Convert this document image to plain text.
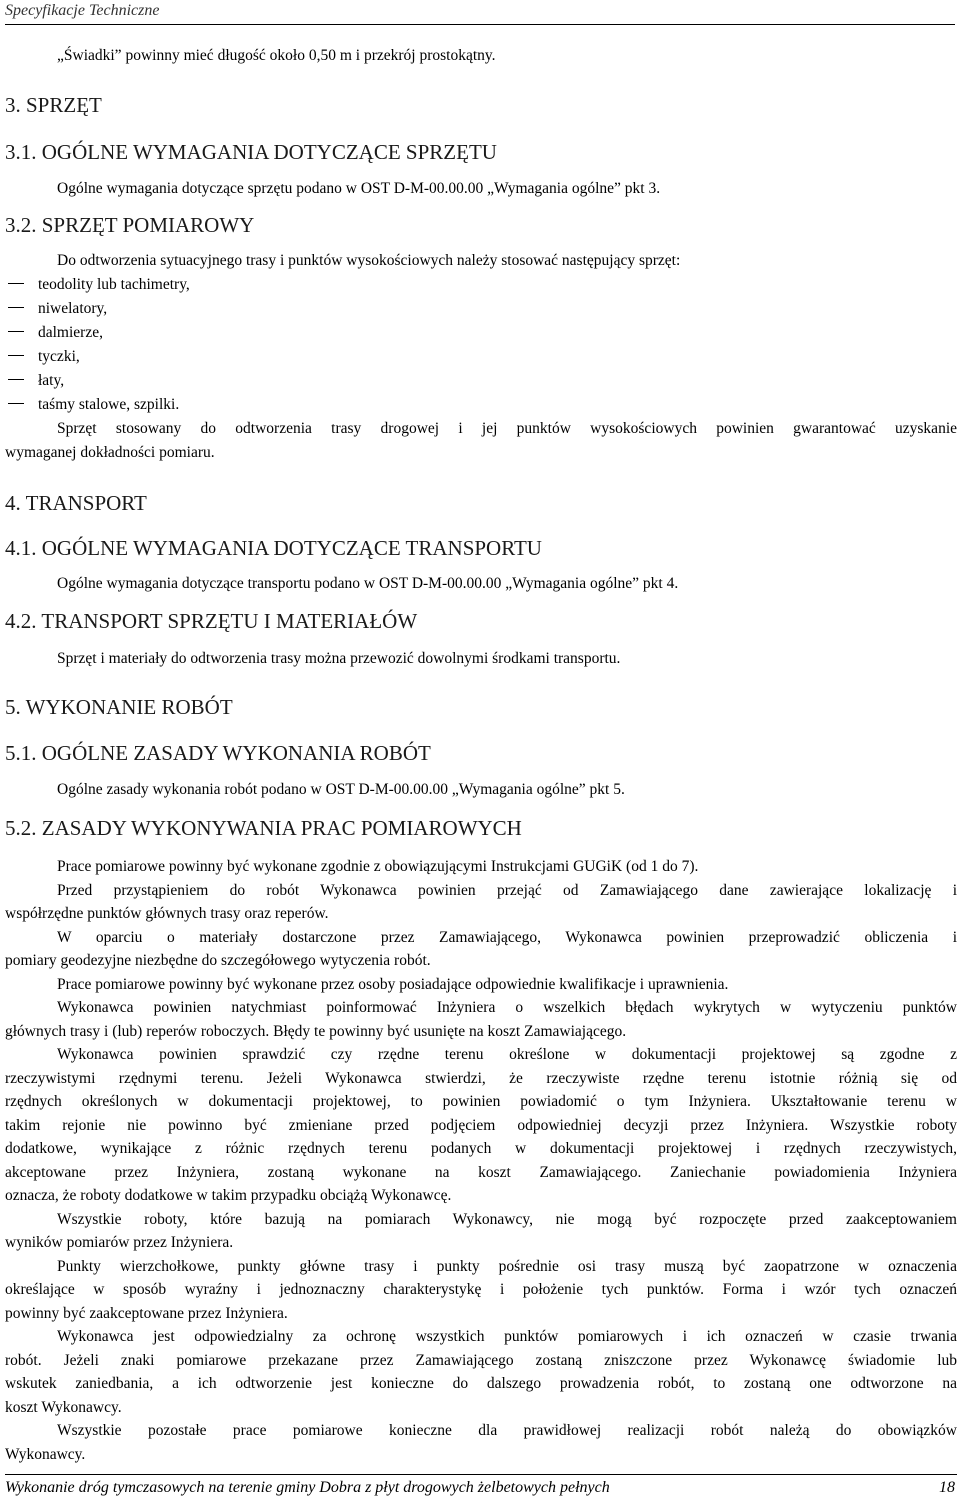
Specyfikacje Techniczne
„Świadki” powinny mieć długość około 0,50 m i przekrój prostokątny.
3. SPRZĘT
3.1. OGÓLNE WYMAGANIA DOTYCZĄCE SPRZĘTU
Ogólne wymagania dotyczące sprzętu podano w OST D-M-00.00.00 „Wymagania ogólne” pkt 3.
3.2. SPRZĘT POMIAROWY
Do odtworzenia sytuacyjnego trasy i punktów wysokościowych należy stosować następujący sprzęt:
teodolity lub tachimetry,
niwelatory,
dalmierze,
tyczki,
łaty,
taśmy stalowe, szpilki.
Sprzęt stosowany do odtworzenia trasy drogowej i jej punktów wysokościowych powinien gwarantować uzyskanie
wymaganej dokładności pomiaru.
4. TRANSPORT
4.1. OGÓLNE WYMAGANIA DOTYCZĄCE TRANSPORTU
Ogólne wymagania dotyczące transportu podano w OST D-M-00.00.00 „Wymagania ogólne” pkt 4.
4.2. TRANSPORT SPRZĘTU I MATERIAŁÓW
Sprzęt i materiały do odtworzenia trasy można przewozić dowolnymi środkami transportu.
5. WYKONANIE ROBÓT
5.1. OGÓLNE ZASADY WYKONANIA ROBÓT
Ogólne zasady wykonania robót podano w OST D-M-00.00.00 „Wymagania ogólne” pkt 5.
5.2. ZASADY WYKONYWANIA PRAC POMIAROWYCH
Prace pomiarowe powinny być wykonane zgodnie z obowiązującymi Instrukcjami GUGiK (od 1 do 7).
Przed przystąpieniem do robót Wykonawca powinien przejąć od Zamawiającego dane zawierające lokalizację i
współrzędne punktów głównych trasy oraz reperów.
W oparciu o materiały dostarczone przez Zamawiającego, Wykonawca powinien przeprowadzić obliczenia i
pomiary geodezyjne niezbędne do szczegółowego wytyczenia robót.
Prace pomiarowe powinny być wykonane przez osoby posiadające odpowiednie kwalifikacje i uprawnienia.
Wykonawca powinien natychmiast poinformować Inżyniera o wszelkich błędach wykrytych w wytyczeniu punktów
głównych trasy i (lub) reperów roboczych. Błędy te powinny być usunięte na koszt Zamawiającego.
Wykonawca powinien sprawdzić czy rzędne terenu określone w dokumentacji projektowej są zgodne z
rzeczywistymi rzędnymi terenu. Jeżeli Wykonawca stwierdzi, że rzeczywiste rzędne terenu istotnie różnią się od
rzędnych określonych w dokumentacji projektowej, to powinien powiadomić o tym Inżyniera. Ukształtowanie terenu w
takim rejonie nie powinno być zmieniane przed podjęciem odpowiedniej decyzji przez Inżyniera. Wszystkie roboty
dodatkowe, wynikające z różnic rzędnych terenu podanych w dokumentacji projektowej i rzędnych rzeczywistych,
akceptowane przez Inżyniera, zostaną wykonane na koszt Zamawiającego. Zaniechanie powiadomienia Inżyniera
oznacza, że roboty dodatkowe w takim przypadku obciążą Wykonawcę.
Wszystkie roboty, które bazują na pomiarach Wykonawcy, nie mogą być rozpoczęte przed zaakceptowaniem
wyników pomiarów przez Inżyniera.
Punkty wierzchołkowe, punkty główne trasy i punkty pośrednie osi trasy muszą być zaopatrzone w oznaczenia
określające w sposób wyraźny i jednoznaczny charakterystykę i położenie tych punktów. Forma i wzór tych oznaczeń
powinny być zaakceptowane przez Inżyniera.
Wykonawca jest odpowiedzialny za ochronę wszystkich punktów pomiarowych i ich oznaczeń w czasie trwania
robót. Jeżeli znaki pomiarowe przekazane przez Zamawiającego zostaną zniszczone przez Wykonawcę świadomie lub
wskutek zaniedbania, a ich odtworzenie jest konieczne do dalszego prowadzenia robót, to zostaną one odtworzone na
koszt Wykonawcy.
Wszystkie pozostałe prace pomiarowe konieczne dla prawidłowej realizacji robót należą do obowiązków
Wykonawcy.
Wykonanie dróg tymczasowych na terenie gminy Dobra z płyt drogowych żelbetowych pełnych	18
